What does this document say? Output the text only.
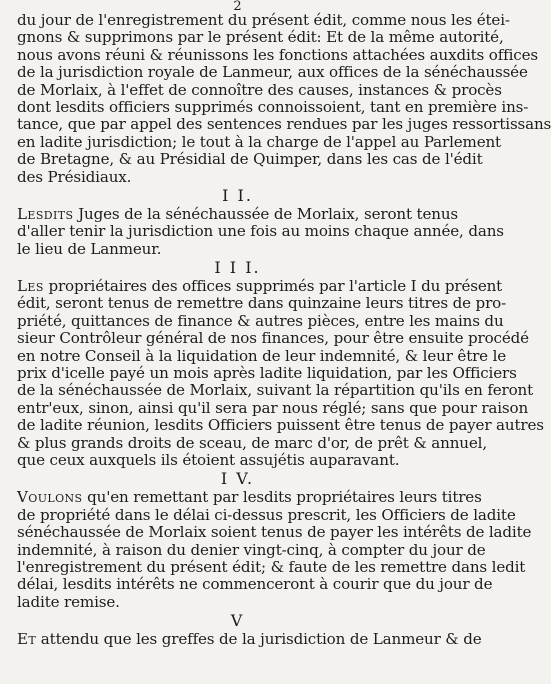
2
du jour de l'enregistrement du présent édit, comme nous les étei-
gnons & supprimons par le présent édit: Et de la même autorité,
nous avons réuni & réunissons les fonctions attachées auxdits offices
de la jurisdiction royale de Lanmeur, aux offices de la sénéchaussée
de Morlaix, à l'effet de connoître des causes, instances & procès
dont lesdits officiers supprimés connoissoient, tant en première ins-
tance, que par appel des sentences rendues par les juges ressortissans
en ladite jurisdiction; le tout à la charge de l'appel au Parlement
de Bretagne, & au Présidial de Quimper, dans les cas de l'édit
des Présidiaux.
I I.
Lesdits Juges de la sénéchaussée de Morlaix, seront tenus
d'aller tenir la jurisdiction une fois au moins chaque année, dans
le lieu de Lanmeur.
I I I.
Les propriétaires des offices supprimés par l'article I du présent
édit, seront tenus de remettre dans quinzaine leurs titres de pro-
priété, quittances de finance & autres pièces, entre les mains du
sieur Contrôleur général de nos finances, pour être ensuite procédé
en notre Conseil à la liquidation de leur indemnité, & leur être le
prix d'icelle payé un mois après ladite liquidation, par les Officiers
de la sénéchaussée de Morlaix, suivant la répartition qu'ils en feront
entr'eux, sinon, ainsi qu'il sera par nous réglé; sans que pour raison
de ladite réunion, lesdits Officiers puissent être tenus de payer autres
& plus grands droits de sceau, de marc d'or, de prêt & annuel,
que ceux auxquels ils étoient assujétis auparavant.
I V.
Voulons qu'en remettant par lesdits propriétaires leurs titres
de propriété dans le délai ci-dessus prescrit, les Officiers de ladite
sénéchaussée de Morlaix soient tenus de payer les intérêts de ladite
indemnité, à raison du denier vingt-cinq, à compter du jour de
l'enregistrement du présent édit; & faute de les remettre dans ledit
délai, lesdits intérêts ne commenceront à courir que du jour de
ladite remise.
V
Et attendu que les greffes de la jurisdiction de Lanmeur & de
